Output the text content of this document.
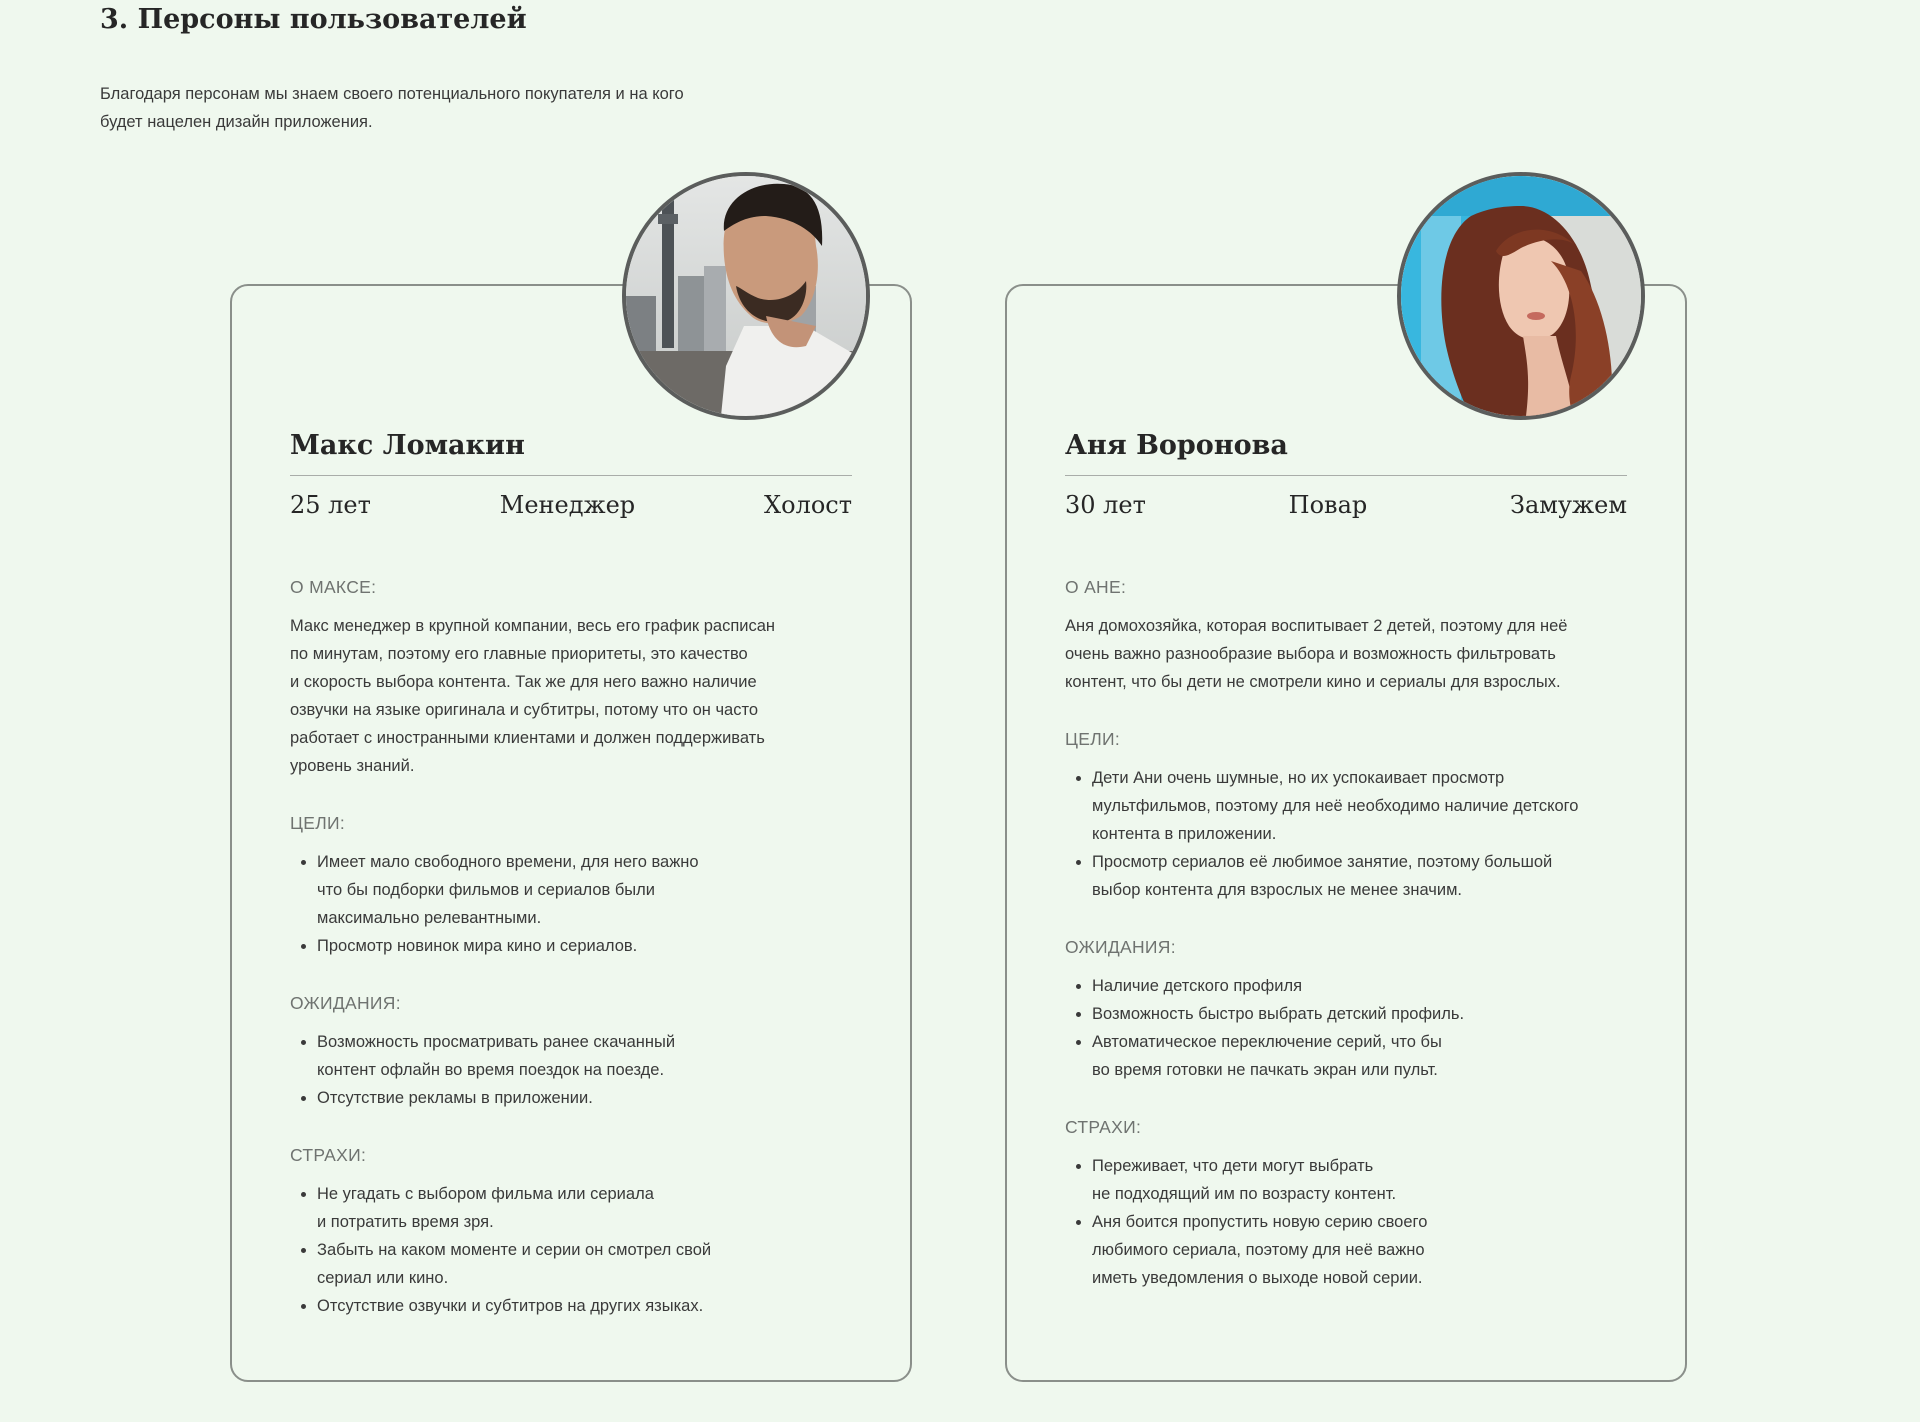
3. Персоны пользователей

Благодаря персонам мы знаем своего потенциального покупателя и на кого
будет нацелен дизайн приложения.

Макс Ломакин
25 лет	Менеджер	Холост

О МАКСЕ:

Макс менеджер в крупной компании, весь его график расписан
по минутам, поэтому его главные приоритеты, это качество
и скорость выбора контента. Так же для него важно наличие
озвучки на языке оригинала и субтитры, потому что он часто
работает с иностранными клиентами и должен поддерживать
уровень знаний.

ЦЕЛИ:

• Имеет мало свободного времени, для него важно
что бы подборки фильмов и сериалов были
максимально релевантными.
• Просмотр новинок мира кино и сериалов.

ОЖИДАНИЯ:

• Возможность просматривать ранее скачанный
контент офлайн во время поездок на поезде.
• Отсутствие рекламы в приложении.

СТРАХИ:

• Не угадать с выбором фильма или сериала
и потратить время зря.
• Забыть на каком моменте и серии он смотрел свой
сериал или кино.
• Отсутствие озвучки и субтитров на других языках.
Аня Воронова
30 лет	Повар	Замужем

О АНЕ:

Аня домохозяйка, которая воспитывает 2 детей, поэтому для неё
очень важно разнообразие выбора и возможность фильтровать
контент, что бы дети не смотрели кино и сериалы для взрослых.

ЦЕЛИ:

• Дети Ани очень шумные, но их успокаивает просмотр
мультфильмов, поэтому для неё необходимо наличие детского
контента в приложении.
• Просмотр сериалов её любимое занятие, поэтому большой
выбор контента для взрослых не менее значим.

ОЖИДАНИЯ:

• Наличие детского профиля
• Возможность быстро выбрать детский профиль.
• Автоматическое переключение серий, что бы
во время готовки не пачкать экран или пульт.

СТРАХИ:

• Переживает, что дети могут выбрать
не подходящий им по возрасту контент.
• Аня боится пропустить новую серию своего
любимого сериала, поэтому для неё важно
иметь уведомления о выходе новой серии.
